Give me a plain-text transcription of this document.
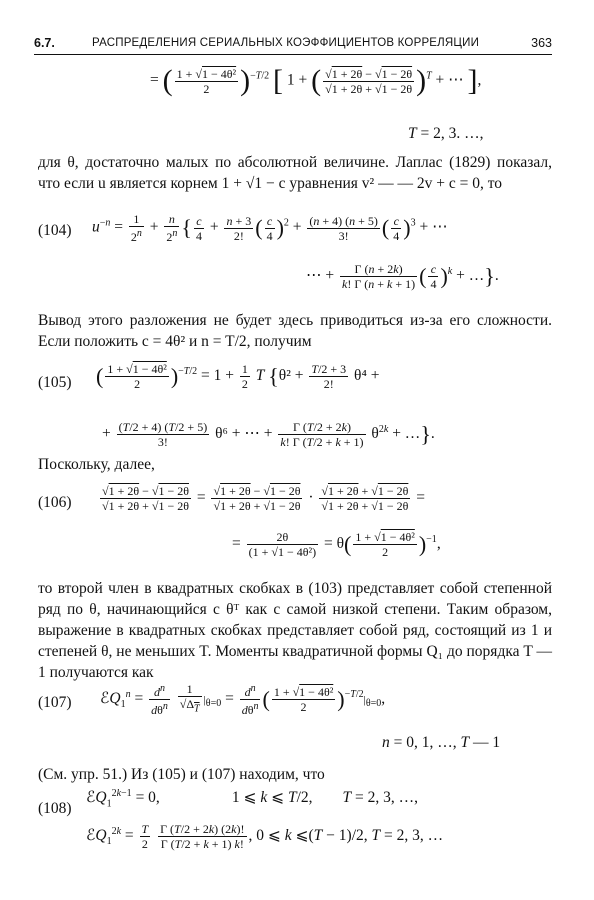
6.7.	РАСПРЕДЕЛЕНИЯ СЕРИАЛЬНЫХ КОЭФФИЦИЕНТОВ КОРРЕЛЯЦИИ	363
= ( $\frac{\text{1 + √1 − 4θ²}}{2} )^{-T/2}$ [ 1 + ( $\frac{√1 + 2\theta - √1 - 2\theta}{√1 + 2\theta + √1 - 2\theta} )^T$ + ⋯ ],
T = 2, 3. …,
для θ, достаточно малых по абсолютной величине. Лаплас (1829) показал, что если u является корнем 1 + √1 − c уравнения v² — — 2v + c = 0, то
(104) $u^{-n} = \frac{1}{2^n} + \frac{n}{2^n}$ { $\frac{c}{4} + \frac{n + 3}{2!}$ ( $\frac{c}{4} )^2 + \frac{(n + 4) (n + 5)}{3!}$ ( $\frac{c}{4} )^3$ + ⋯
⋯ + $\frac{\Gamma (n + 2k)}{k! \Gamma (n + k + 1)}$ ( $\frac{c}{4} )^k$ + …}.
Вывод этого разложения не будет здесь приводиться из-за его сложности. Если положить c = 4θ² и n = T/2, получим
(105) ( $\frac{\text{1 + √1 − 4θ²}}{2} )^{-T/2} = 1 + \frac{1}{2}$ T {$\theta^2 + \frac{T/2 + 3}{2!} \theta^4$ +
+ $\frac{(T/2 + 4) (T/2 + 5)}{3!} \theta^6$ + ⋯ + $\frac{\Gamma (T/2 + 2k)}{k! \Gamma (T/2 + k + 1)} \theta^{2k}$ + …}.
Поскольку, далее,
$(106) \frac{√1 + 2\theta - √1 - 2\theta}{√1 + 2\theta + √1 - 2\theta} = \frac{√1 + 2\theta - √1 - 2\theta}{√1 + 2\theta + √1 - 2\theta} \cdot \frac{√1 + 2\theta + √1 - 2\theta}{√1 + 2\theta + √1 - 2\theta}$ =
= $\frac{2\theta}{\text{(1 + √1 − 4θ²)}} = \theta( \frac{\text{1 + √1 − 4θ²}}{2} )^{-1}$,
то второй член в квадратных скобках в (103) представляет собой степенной ряд по θ, начинающийся с θᵀ как с самой низкой степени. Таким образом, выражение в квадратных скобках представляет собой ряд, состоящий из 1 и степеней θ, не меньших T. Моменты квадратичной формы Q₁ до порядка T — 1 получаются как
(107) ℰQ$_1^n$ = $d^n$
$d\theta^n$
$\frac{1}{√\Delta_T} |_{\theta=0} = d^n$
$d\theta^n$ ( $\frac{\text{1 + √1 − 4θ²}}{2} )^{-T/2}|_{\theta=0}$,
n = 0, 1, …, T — 1
(См. упр. 51.) Из (105) и (107) находим, что
(108)
ℰQ$_1^{2k-1}$ = 0,	1 ⩽ k ⩽ T/2, T = 2, 3, …,
ℰQ$_1^{2k}$ = $\frac{T}{2}$
$\frac{\Gamma (T/2 + 2k) (2k)!}{\Gamma (T/2 + k + 1) k!}$ , 0 ⩽ k ⩽(T − 1)/2, T = 2, 3, …
